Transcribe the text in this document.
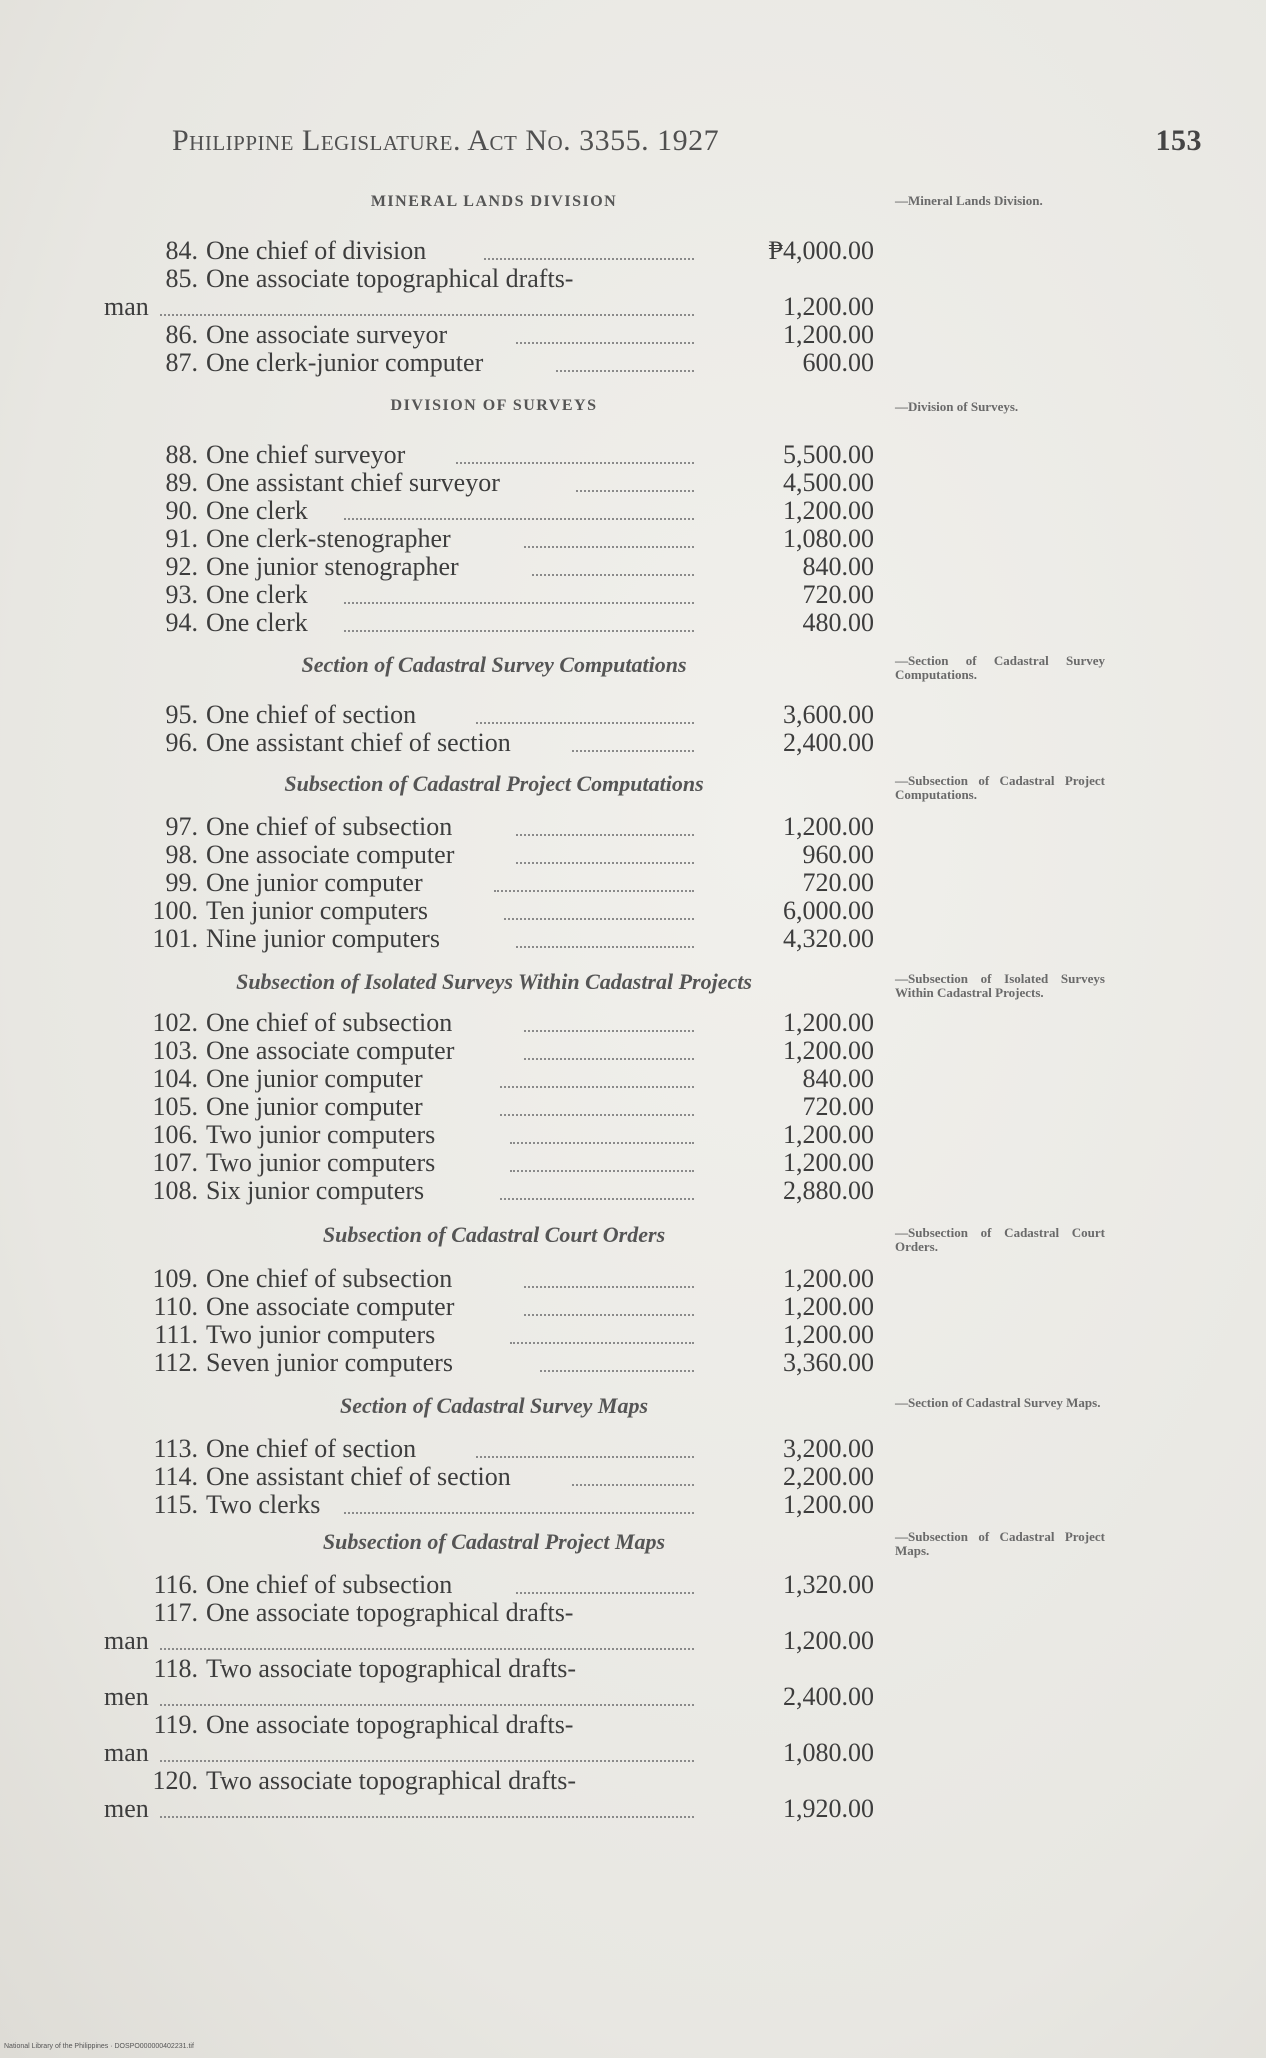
Philippine Legislature. Act No. 3355. 1927	153
MINERAL LANDS DIVISION
84. One chief of division	₱4,000.00
85. One associate topographical drafts-
man	1,200.00
86. One associate surveyor	1,200.00
87. One clerk-junior computer	600.00
DIVISION OF SURVEYS
88. One chief surveyor	5,500.00
89. One assistant chief surveyor	4,500.00
90. One clerk	1,200.00
91. One clerk-stenographer	1,080.00
92. One junior stenographer	840.00
93. One clerk	720.00
94. One clerk	480.00
Section of Cadastral Survey Computations
95. One chief of section	3,600.00
96. One assistant chief of section	2,400.00
Subsection of Cadastral Project Computations
97. One chief of subsection	1,200.00
98. One associate computer	960.00
99. One junior computer	720.00
100. Ten junior computers	6,000.00
101. Nine junior computers	4,320.00
Subsection of Isolated Surveys Within Cadastral Projects
102. One chief of subsection	1,200.00
103. One associate computer	1,200.00
104. One junior computer	840.00
105. One junior computer	720.00
106. Two junior computers	1,200.00
107. Two junior computers	1,200.00
108. Six junior computers	2,880.00
Subsection of Cadastral Court Orders
109. One chief of subsection	1,200.00
110. One associate computer	1,200.00
111. Two junior computers	1,200.00
112. Seven junior computers	3,360.00
Section of Cadastral Survey Maps
113. One chief of section	3,200.00
114. One assistant chief of section	2,200.00
115. Two clerks	1,200.00
Subsection of Cadastral Project Maps
116. One chief of subsection	1,320.00
117. One associate topographical drafts-
man	1,200.00
118. Two associate topographical drafts-
men	2,400.00
119. One associate topographical drafts-
man	1,080.00
120. Two associate topographical drafts-
men	1,920.00
—Mineral Lands Division.
—Division of Surveys.
—Section of Cadastral Survey Computations.
—Subsection of Cadastral Project Computations.
—Subsection of Isolated Surveys Within Cadastral Projects.
—Subsection of Cadastral Court Orders.
—Section of Cadastral Survey Maps.
—Subsection of Cadastral Project Maps.
National Library of the Philippines · DOSPO000000402231.tif
